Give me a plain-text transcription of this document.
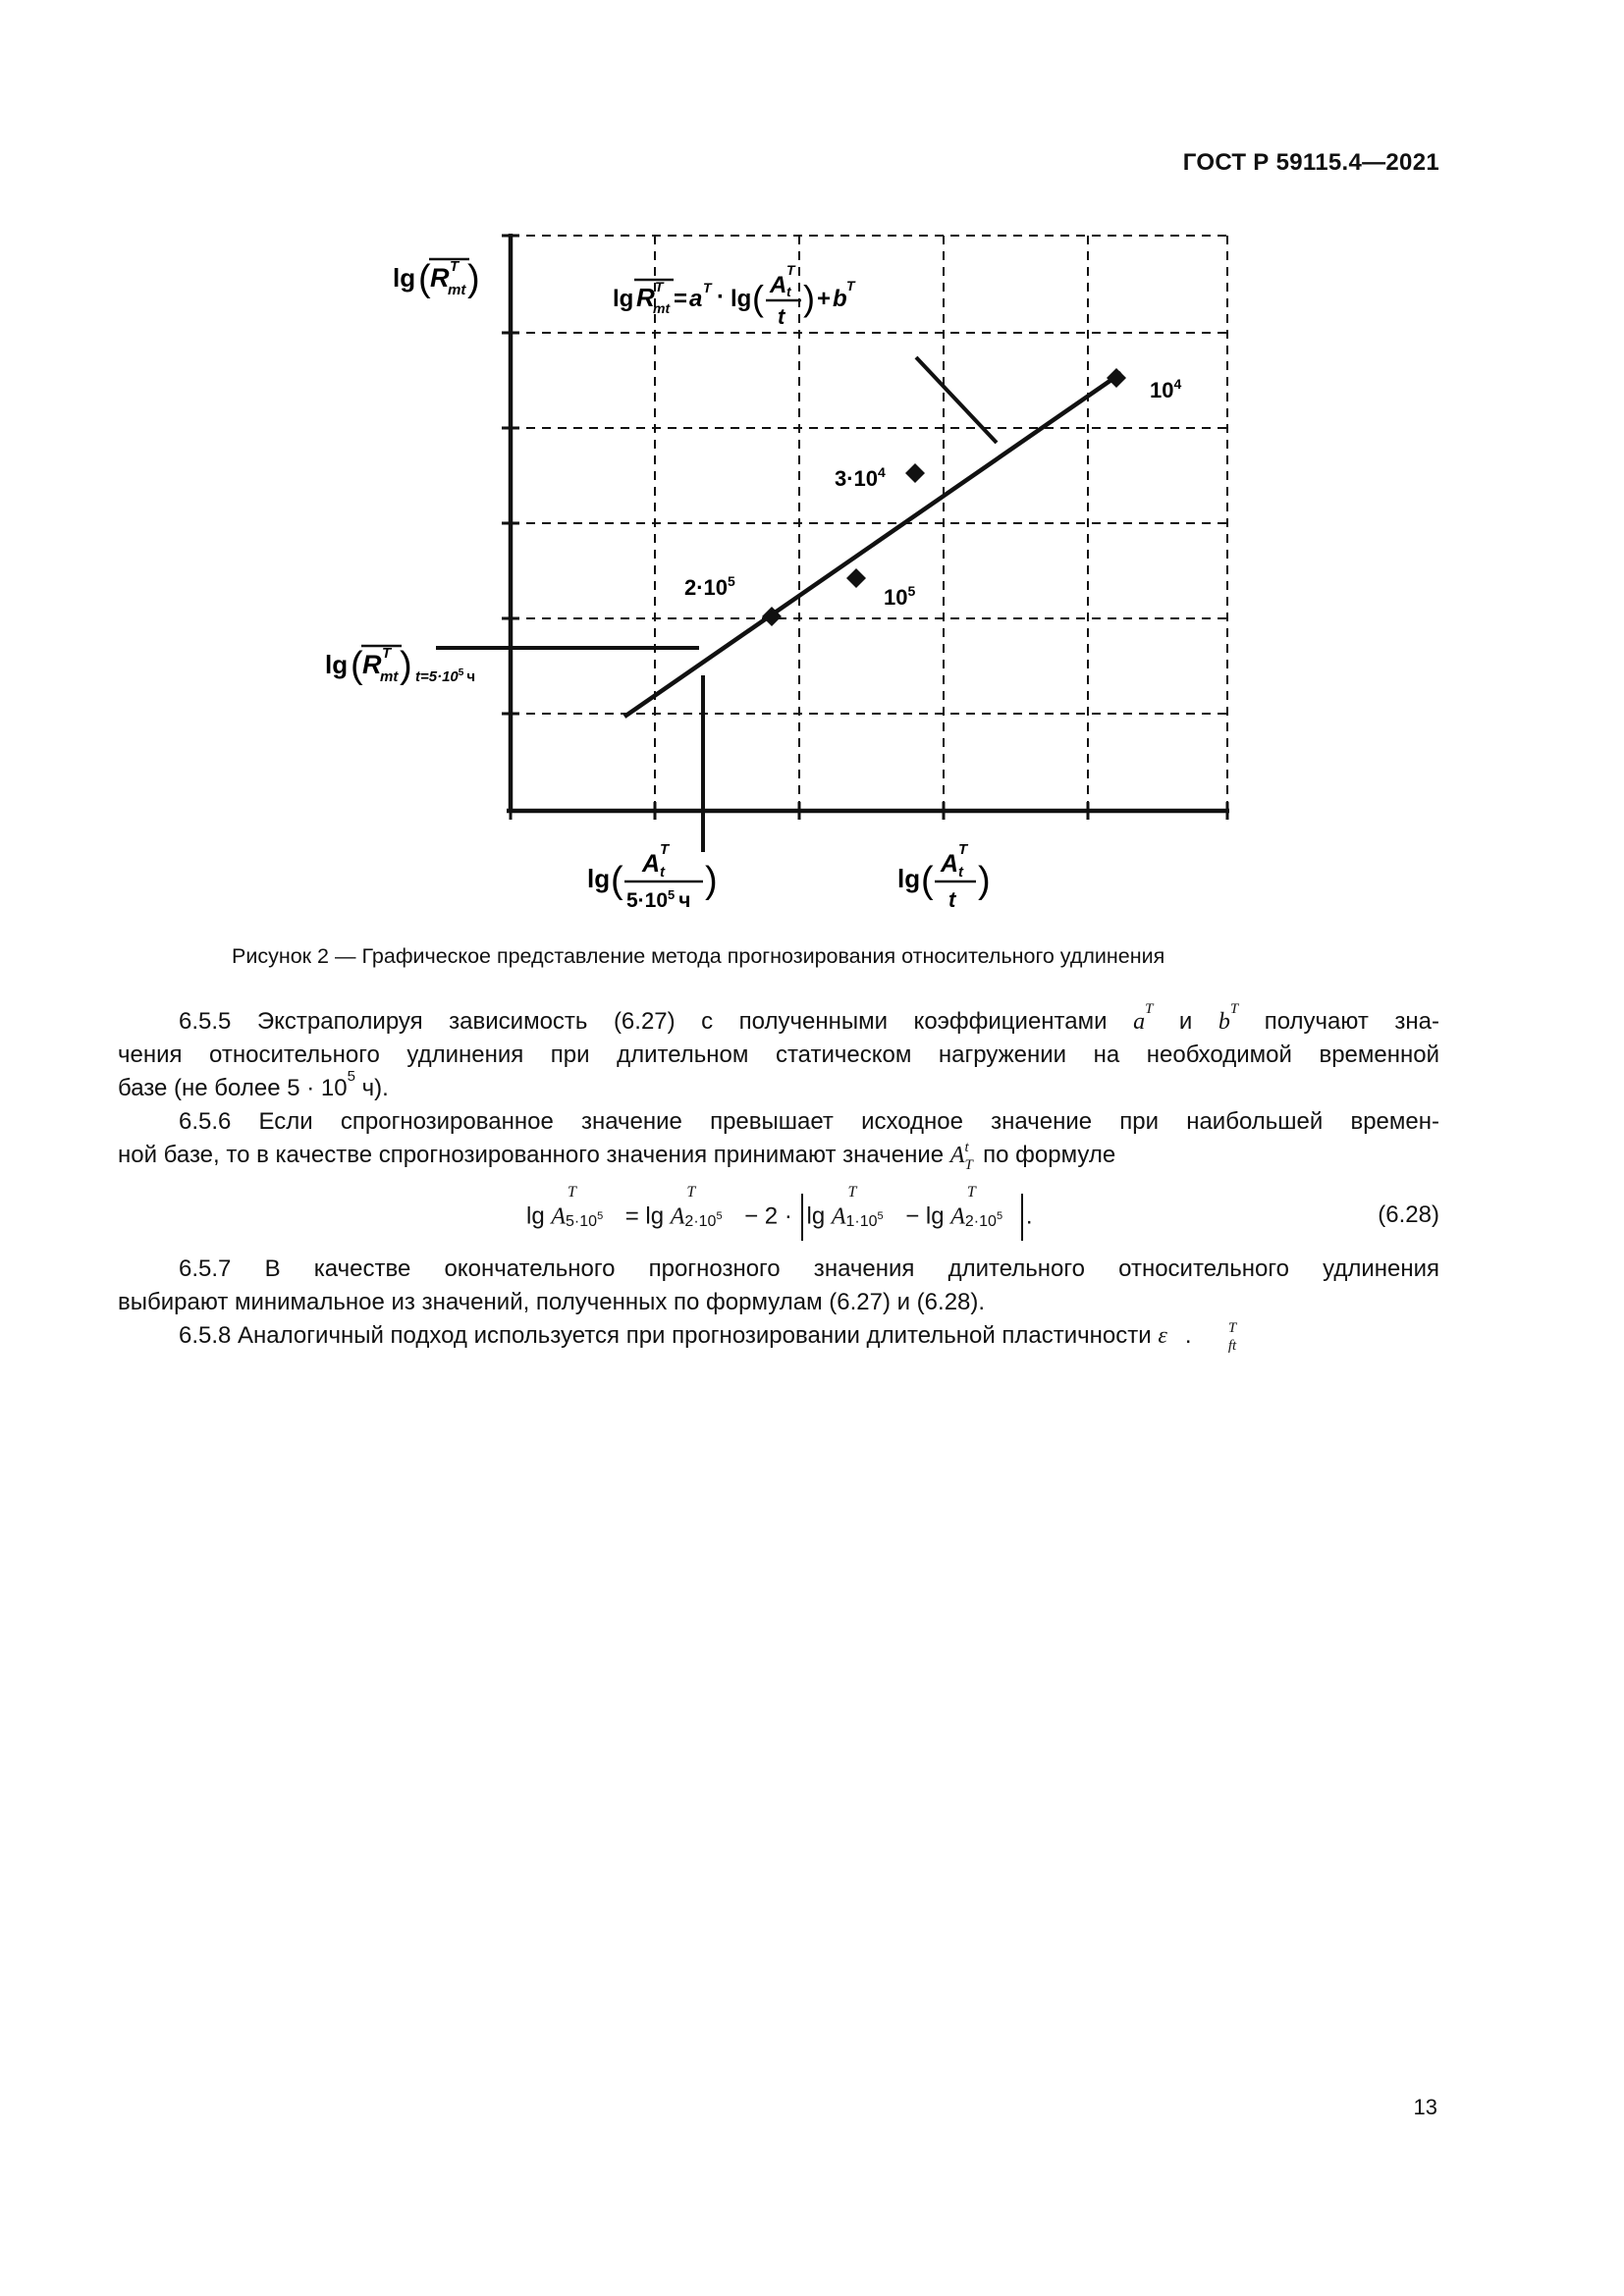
ГОСТ Р 59115.4—2021
$10^4$
$3\cdot 10^4$
$2\cdot 10^5$
$10^5$
lg ( R T
mt )
lg ( R T
mt ) $t=5\cdot 10^5$ ч
lg R T
mt = a T · lg ( A t
T
t ) + b T
lg ( A t
T
$5\cdot 10^5$ ч )	lg ( A t
T
t )
Рисунок 2 — Графическое представление метода прогнозирования относительного удлинения
6.5.5 Экстраполируя зависимость (6.27) с полученными коэффициентами $a^T$ и $b^T$ получают зна-
чения относительного удлинения при длительном статическом нагружении на необходимой временной
базе (не более $5 \cdot 10^5$ ч).
6.5.6 Если спрогнозированное значение превышает исходное значение при наибольшей времен-
ной базе, то в качестве спрогнозированного значения принимают значение A t
T по формуле
lg A
T
$5\cdot 10^5 = \lg A$
T
$2\cdot 10^5 - 2 \cdot \lg A$
T
$1\cdot 10^5 - \lg A$
T
$2\cdot 10^5$ .	(6.28)
6.5.7 В качестве окончательного прогнозного значения длительного относительного удлинения
выбирают минимальное из значений, полученных по формулам (6.27) и (6.28).
6.5.8 Аналогичный подход используется при прогнозировании длительной пластичности ε	T
ft
.
13
